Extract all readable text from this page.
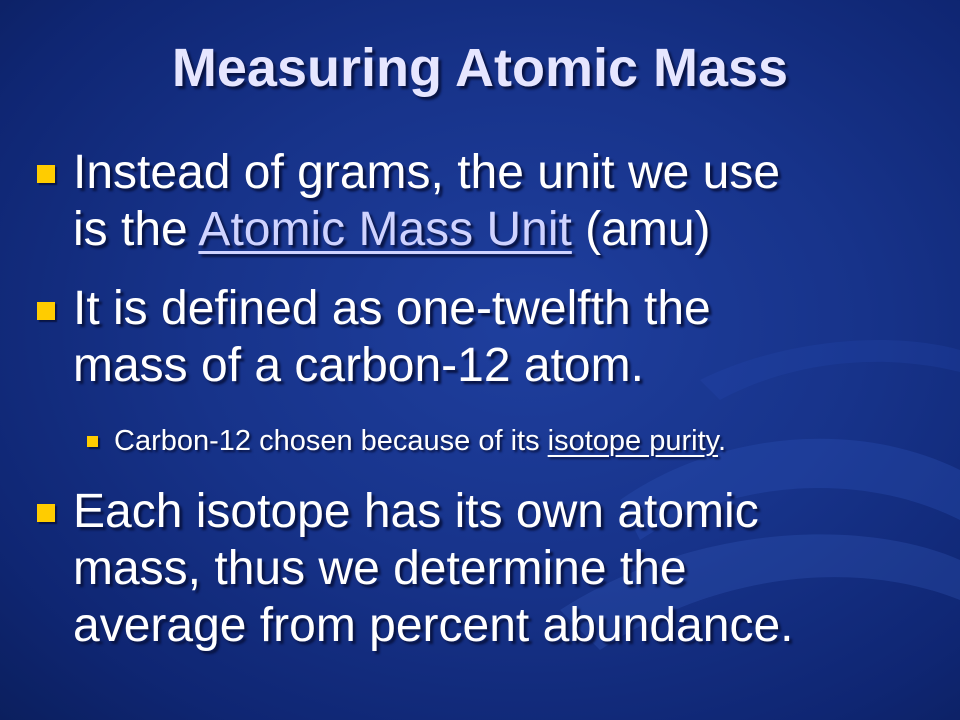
Measuring Atomic Mass
Instead of grams, the unit we use
is the Atomic Mass Unit (amu)
It is defined as one-twelfth the
mass of a carbon-12 atom.
Carbon-12 chosen because of its isotope purity.
Each isotope has its own atomic
mass, thus we determine the
average from percent abundance.
